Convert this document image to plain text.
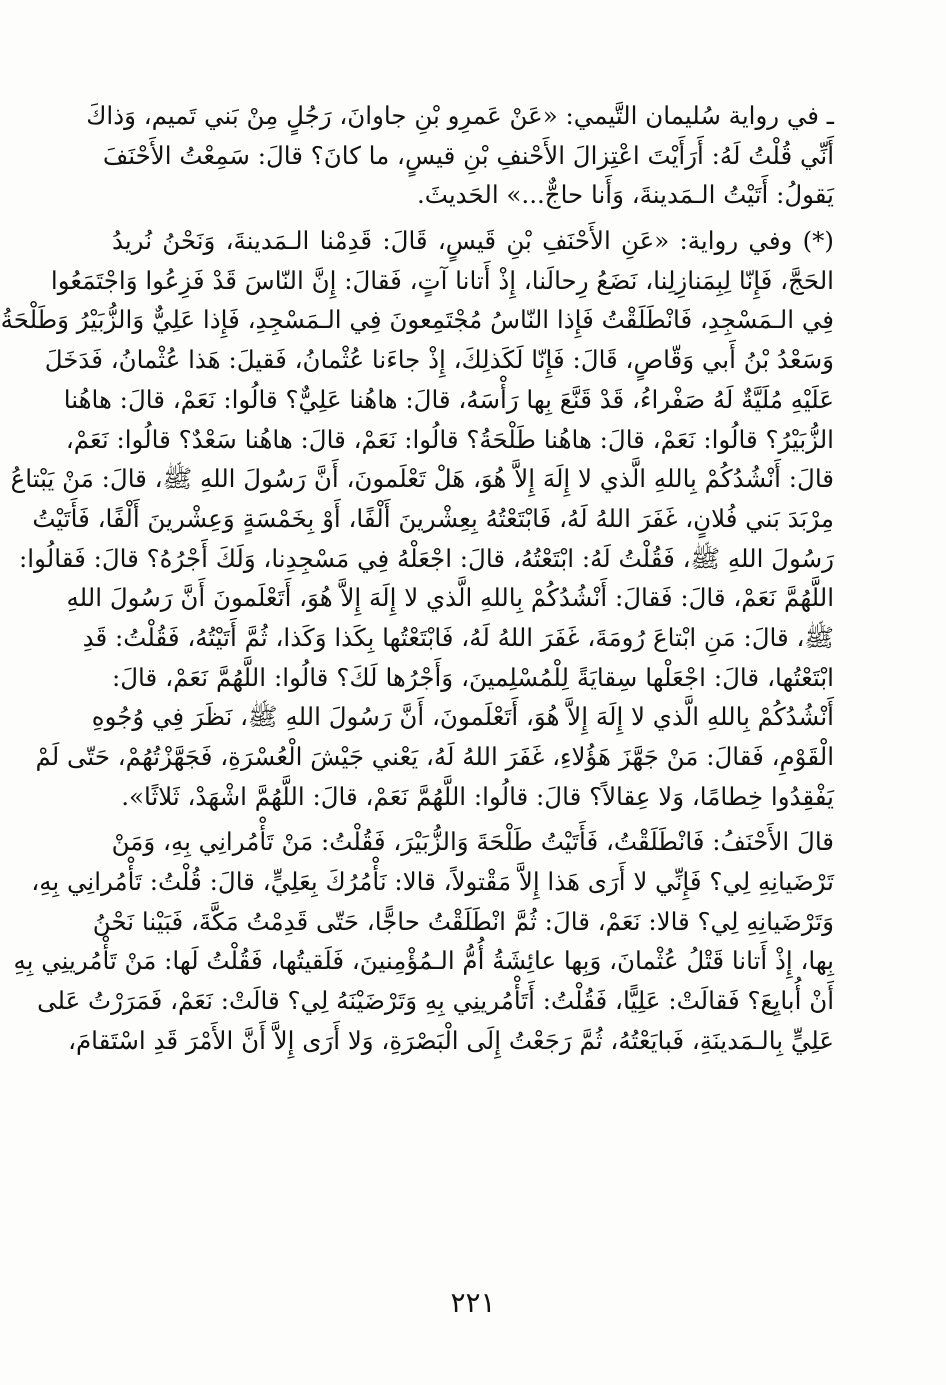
ـ في رواية سُليمان التَّيمي: «عَنْ عَمرِو بْنِ جاوانَ، رَجُلٍ مِنْ بَني تَميم، وَذاكَ
أَنِّي قُلْتُ لَهُ: أَرَأَيْتَ اعْتِزالَ الأَحْنفِ بْنِ قيسٍ، ما كانَ؟ قالَ: سَمِعْتُ الأَحْنَفَ
يَقولُ: أَتَيْتُ الـمَدينةَ، وَأَنا حاجٌّ...» الحَديثَ.
(*) وفي رواية: «عَنِ الأَحْنَفِ بْنِ قَيسٍ، قَالَ: قَدِمْنا الـمَدينةَ، وَنَحْنُ نُريدُ
الحَجَّ، فَإِنّا لِبِمَنازِلِنا، نَضَعُ رِحالَنا، إِذْ أَتانا آتٍ، فَقالَ: إِنَّ النّاسَ قَدْ فَزِعُوا وَاجْتَمَعُوا
فِي الـمَسْجِدِ، فَانْطَلَقْتُ فَإِذا النّاسُ مُجْتَمِعونَ فِي الـمَسْجِدِ، فَإِذا عَلِيٌّ وَالزُّبَيْرُ وَطَلْحَةُ
وَسَعْدُ بْنُ أَبي وَقّاصٍ، قَالَ: فَإِنّا لَكَذلِكَ، إِذْ جاءَنا عُثْمانُ، فَقيلَ: هَذا عُثْمانُ، فَدَخَلَ
عَلَيْهِ مُلَيَّةٌ لَهُ صَفْراءُ، قَدْ قَنَّعَ بِها رَأْسَهُ، قالَ: هاهُنا عَلِيٌّ؟ قالُوا: نَعَمْ، قالَ: هاهُنا
الزُّبَيْرُ؟ قالُوا: نَعَمْ، قالَ: هاهُنا طَلْحَةُ؟ قالُوا: نَعَمْ، قالَ: هاهُنا سَعْدٌ؟ قالُوا: نَعَمْ،
قالَ: أَنْشُدُكُمْ بِاللهِ الَّذي لا إِلَهَ إِلاَّ هُوَ، هَلْ تَعْلَمونَ، أَنَّ رَسُولَ اللهِ ﷺ، قالَ: مَنْ يَبْتاعُ
مِرْبَدَ بَني فُلانٍ، غَفَرَ اللهُ لَهُ، فَابْتَعْتُهُ بِعِشْرينَ أَلْفًا، أَوْ بِخَمْسَةٍ وَعِشْرينَ أَلْفًا، فَأَتَيْتُ
رَسُولَ اللهِ ﷺ، فَقُلْتُ لَهُ: ابْتَعْتُهُ، قالَ: اجْعَلْهُ فِي مَسْجِدِنا، وَلَكَ أَجْرُهُ؟ قالَ: فَقالُوا:
اللَّهُمَّ نَعَمْ، قالَ: فَقالَ: أَنْشُدُكُمْ بِاللهِ الَّذي لا إِلَهَ إِلاَّ هُوَ، أَتَعْلَمونَ أَنَّ رَسُولَ اللهِ
ﷺ، قالَ: مَنِ ابْتاعَ رُومَةَ، غَفَرَ اللهُ لَهُ، فَابْتَعْتُها بِكَذا وَكَذا، ثُمَّ أَتَيْتُهُ، فَقُلْتُ: قَدِ
ابْتَعْتُها، قالَ: اجْعَلْها سِقايَةً لِلْمُسْلِمينَ، وَأَجْرُها لَكَ؟ قالُوا: اللَّهُمَّ نَعَمْ، قالَ:
أَنْشُدُكُمْ بِاللهِ الَّذي لا إِلَهَ إِلاَّ هُوَ، أَتَعْلَمونَ، أَنَّ رَسُولَ اللهِ ﷺ، نَظَرَ فِي وُجُوهِ
الْقَوْمِ، فَقالَ: مَنْ جَهَّزَ هَؤُلاءِ، غَفَرَ اللهُ لَهُ، يَعْني جَيْشَ الْعُسْرَةِ، فَجَهَّزْتُهُمْ، حَتّى لَمْ
يَفْقِدُوا خِطامًا، وَلا عِقالاً؟ قالَ: قالُوا: اللَّهُمَّ نَعَمْ، قالَ: اللَّهُمَّ اشْهَدْ، ثَلاثًا».
قالَ الأَحْنَفُ: فَانْطَلَقْتُ، فَأَتَيْتُ طَلْحَةَ وَالزُّبَيْرَ، فَقُلْتُ: مَنْ تَأْمُرانِي بِهِ، وَمَنْ
تَرْضَيانِهِ لِي؟ فَإِنِّي لا أَرَى هَذا إِلاَّ مَقْتولاً، قالا: نَأْمُرُكَ بِعَلِيٍّ، قالَ: قُلْتُ: تَأْمُرانِي بِهِ،
وَتَرْضَيانِهِ لِي؟ قالا: نَعَمْ، قالَ: ثُمَّ انْطَلَقْتُ حاجًّا، حَتّى قَدِمْتُ مَكَّةَ، فَبَيْنا نَحْنُ
بِها، إِذْ أَتانا قَتْلُ عُثْمانَ، وَبِها عائِشَةُ أُمُّ الـمُؤْمِنينَ، فَلَقيتُها، فَقُلْتُ لَها: مَنْ تَأْمُرينِي بِهِ
أَنْ أُبايِعَ؟ فَقالَتْ: عَلِيًّا، فَقُلْتُ: أَتَأْمُرينِي بِهِ وَتَرْضَيْنَهُ لِي؟ قالَتْ: نَعَمْ، فَمَرَرْتُ عَلى
عَلِيٍّ بِالـمَدينَةِ، فَبايَعْتُهُ، ثُمَّ رَجَعْتُ إِلَى الْبَصْرَةِ، وَلا أَرَى إِلاَّ أَنَّ الأَمْرَ قَدِ اسْتَقامَ،
٢٢١
